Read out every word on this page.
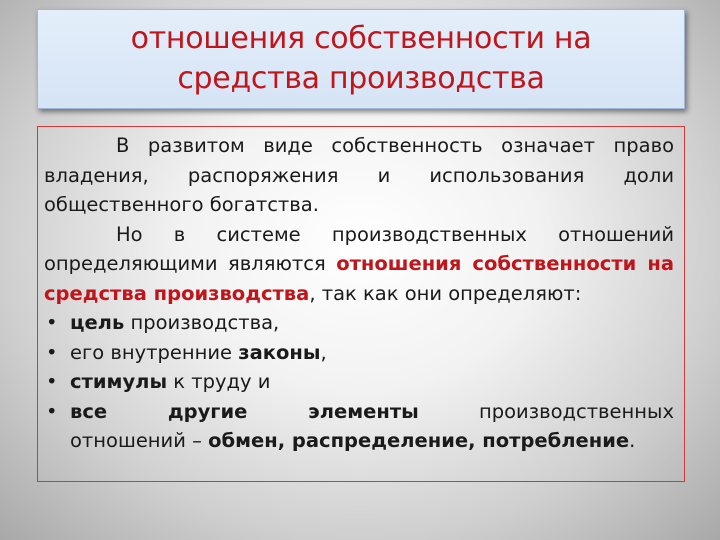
отношения собственности на
средства производства

В развитом виде собственность означает право владения, распоряжения и использования доли общественного богатства.

Но в системе производственных отношений определяющими являются отношения собственности на средства производства, так как они определяют:

• цель производства,
• его внутренние законы,
• стимулы к труду и
• все другие элементы производственных
отношений – обмен, распределение, потребление.
